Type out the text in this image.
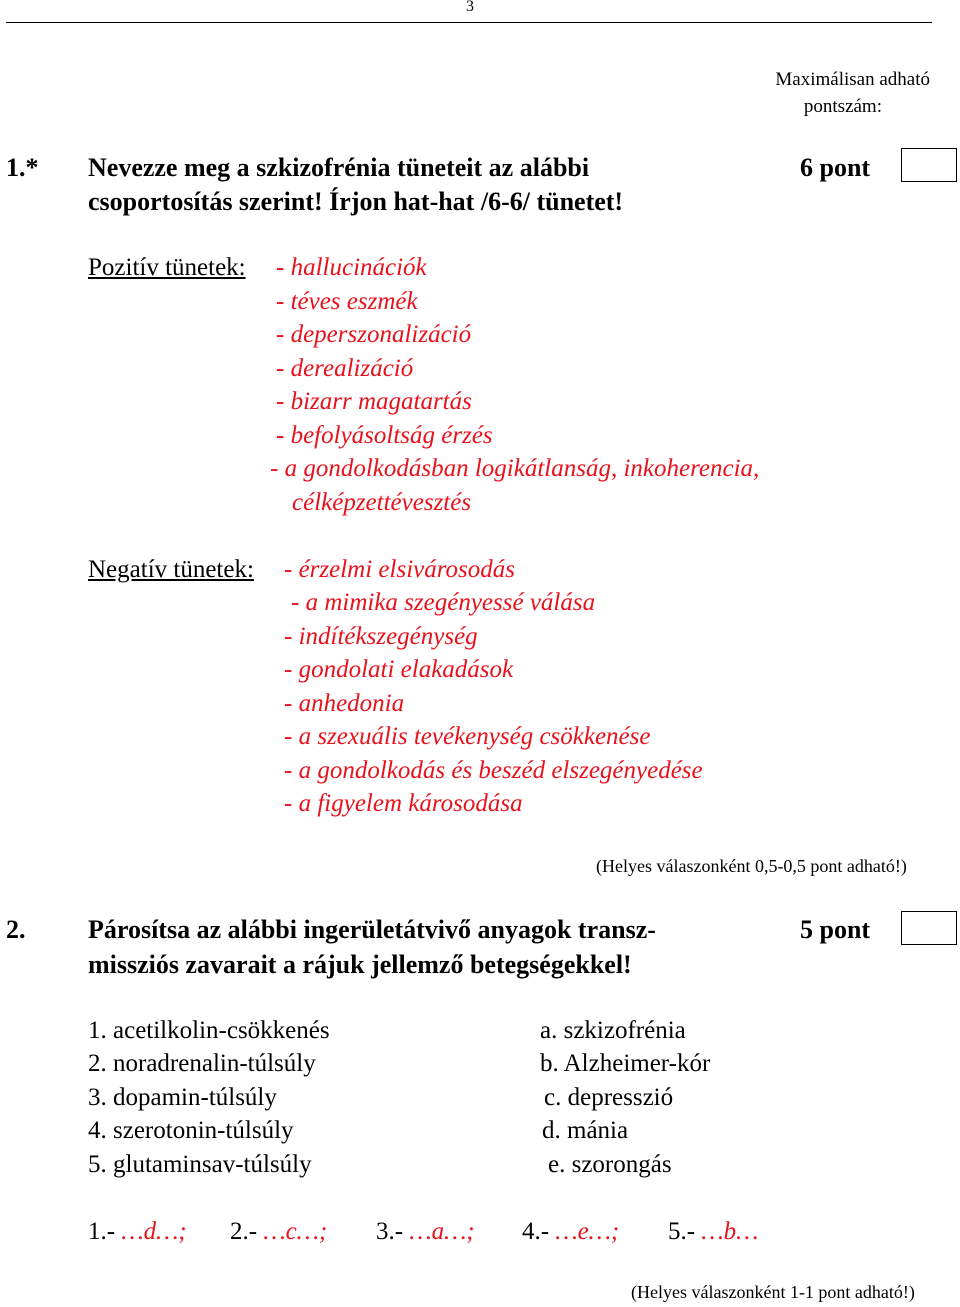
3
Maximálisan adható

pontszám:
1.* Nevezze meg a szkizofrénia tüneteit az alábbi
csoportosítás szerint! Írjon hat-hat /6-6/ tünetet!
6 pont
Pozitív tünetek: - hallucinációk
- téves eszmék
- deperszonalizáció
- derealizáció
- bizarr magatartás
- befolyásoltság érzés
- a gondolkodásban logikátlanság, inkoherencia,
célképzettévesztés
Negatív tünetek: - érzelmi elsivárosodás
- a mimika szegényessé válása
- indítékszegénység
- gondolati elakadások
- anhedonia
- a szexuális tevékenység csökkenése
- a gondolkodás és beszéd elszegényedése
- a figyelem károsodása
(Helyes válaszonként 0,5-0,5 pont adható!)
2. Párosítsa az alábbi ingerületátvivő anyagok transz-
missziós zavarait a rájuk jellemző betegségekkel!
5 pont
1. acetilkolin-csökkenés
2. noradrenalin-túlsúly
3. dopamin-túlsúly
4. szerotonin-túlsúly
5. glutaminsav-túlsúly
a. szkizofrénia
b. Alzheimer-kór
c. depresszió
d. mánia
e. szorongás
1.- …d…; 2.- …c…; 3.- …a…; 4.- …e…; 5.- …b…
(Helyes válaszonként 1-1 pont adható!)
